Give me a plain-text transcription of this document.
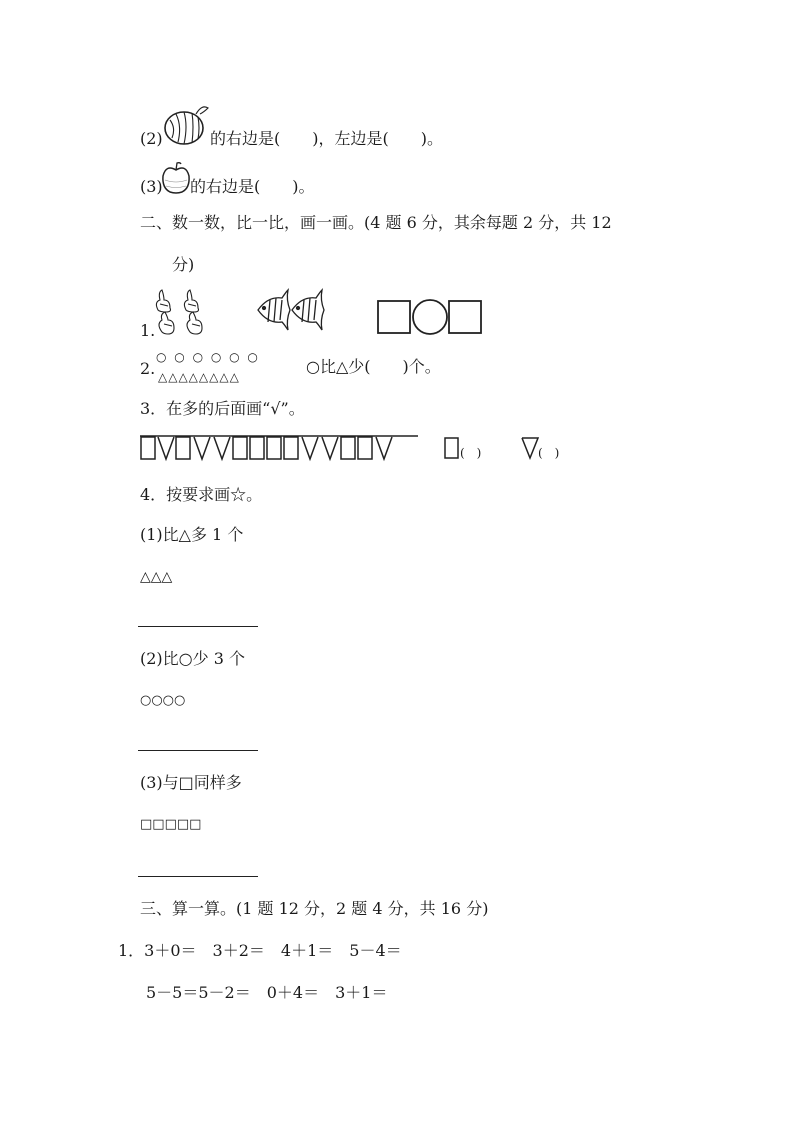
(2)	的右边是(　　)，左边是(　　)。
(3) 的右边是(　　)。
二、数一数，比一比，画一画。(4 题 6 分，其余每题 2 分，共 12
分)
1.
2.
○ ○ ○ ○ ○ ○
△△△△△△△△
○比△少(　　)个。
3．在多的后面画“√”。
(　)	(　)
4．按要求画☆。
(1)比△多 1 个
△△△
(2)比○少 3 个
○○○○
(3)与□同样多
□□□□□
三、算一算。(1 题 12 分，2 题 4 分，共 16 分)
1．3＋0＝　3＋2＝　4＋1＝　5－4＝
5－5＝5－2＝　0＋4＝　3＋1＝
